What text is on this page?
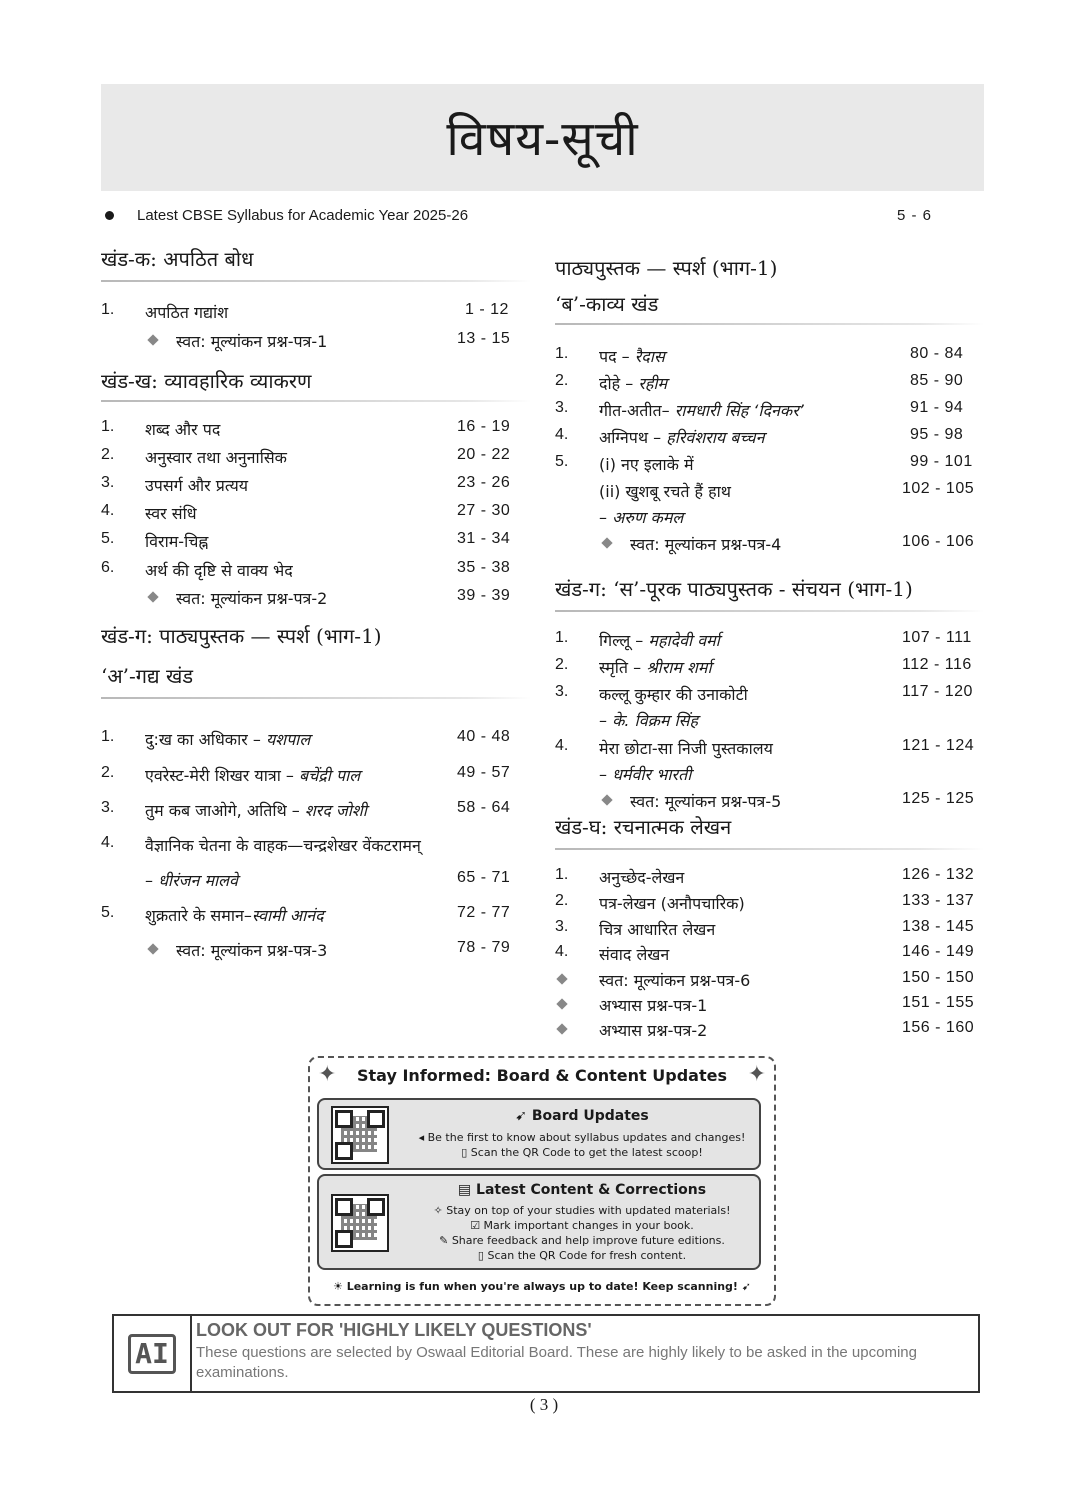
विषय-सूची
Latest CBSE Syllabus for Academic Year 2025-26	5 - 6
खंड-क: अपठित बोध
1. अपठित गद्यांश	1 - 12
स्वत: मूल्यांकन प्रश्न-पत्र-1	13 - 15
खंड-ख: व्यावहारिक व्याकरण
1. शब्द और पद	16 - 19
2. अनुस्वार तथा अनुनासिक	20 - 22
3. उपसर्ग और प्रत्यय	23 - 26
4. स्वर संधि	27 - 30
5. विराम-चिह्न	31 - 34
6. अर्थ की दृष्टि से वाक्य भेद	35 - 38
स्वत: मूल्यांकन प्रश्न-पत्र-2	39 - 39
खंड-ग: पाठ्यपुस्तक — स्पर्श (भाग-1)
‘अ’-गद्य खंड
1. दु:ख का अधिकार – यशपाल	40 - 48
2. एवरेस्ट-मेरी शिखर यात्रा – बचेंद्री पाल	49 - 57
3. तुम कब जाओगे, अतिथि – शरद जोशी	58 - 64
4. वैज्ञानिक चेतना के वाहक—चन्द्रशेखर वेंकटरामन्
– धीरंजन मालवे	65 - 71
5. शुक्रतारे के समान–स्वामी आनंद	72 - 77
स्वत: मूल्यांकन प्रश्न-पत्र-3	78 - 79
पाठ्यपुस्तक — स्पर्श (भाग-1)
‘ब’-काव्य खंड
1. पद – रैदास	80 - 84
2. दोहे – रहीम	85 - 90
3. गीत-अतीत– रामधारी सिंह ‘दिनकर’	91 - 94
4. अग्निपथ – हरिवंशराय बच्चन	95 - 98
5. (i) नए इलाके में	99 - 101
(ii) खुशबू रचते हैं हाथ	102 - 105
– अरुण कमल
स्वत: मूल्यांकन प्रश्न-पत्र-4	106 - 106
खंड-ग: ‘स’-पूरक पाठ्यपुस्तक - संचयन (भाग-1)
1. गिल्लू – महादेवी वर्मा	107 - 111
2. स्मृति – श्रीराम शर्मा	112 - 116
3. कल्लू कुम्हार की उनाकोटी	117 - 120
– के. विक्रम सिंह
4. मेरा छोटा-सा निजी पुस्तकालय	121 - 124
– धर्मवीर भारती
स्वत: मूल्यांकन प्रश्न-पत्र-5	125 - 125
खंड-घ: रचनात्मक लेखन
1. अनुच्छेद-लेखन	126 - 132
2. पत्र-लेखन (अनौपचारिक)	133 - 137
3. चित्र आधारित लेखन	138 - 145
4. संवाद लेखन	146 - 149
स्वत: मूल्यांकन प्रश्न-पत्र-6	150 - 150
अभ्यास प्रश्न-पत्र-1	151 - 155
अभ्यास प्रश्न-पत्र-2	156 - 160
✦	✦
Stay Informed: Board & Content Updates
➹ Board Updates
◂ Be the first to know about syllabus updates and changes!
▯ Scan the QR Code to get the latest scoop!
▤ Latest Content & Corrections
✧ Stay on top of your studies with updated materials!
☑ Mark important changes in your book.
✎ Share feedback and help improve future editions.
▯ Scan the QR Code for fresh content.
☀ Learning is fun when you're always up to date! Keep scanning! ➹
AI
LOOK OUT FOR 'HIGHLY LIKELY QUESTIONS'
These questions are selected by Oswaal Editorial Board. These are highly likely to be asked in the upcoming examinations.
( 3 )
